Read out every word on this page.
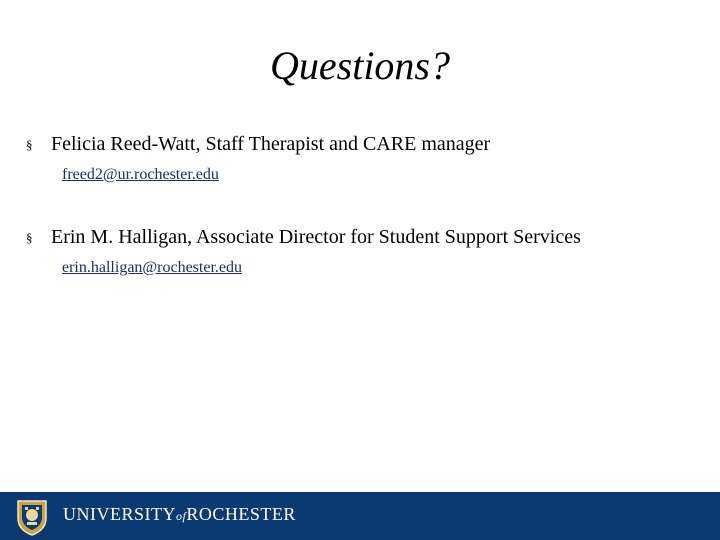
Questions?
§ Felicia Reed-Watt, Staff Therapist and CARE manager
freed2@ur.rochester.edu
§ Erin M. Halligan, Associate Director for Student Support Services
erin.halligan@rochester.edu
UNIVERSITYofROCHESTER
